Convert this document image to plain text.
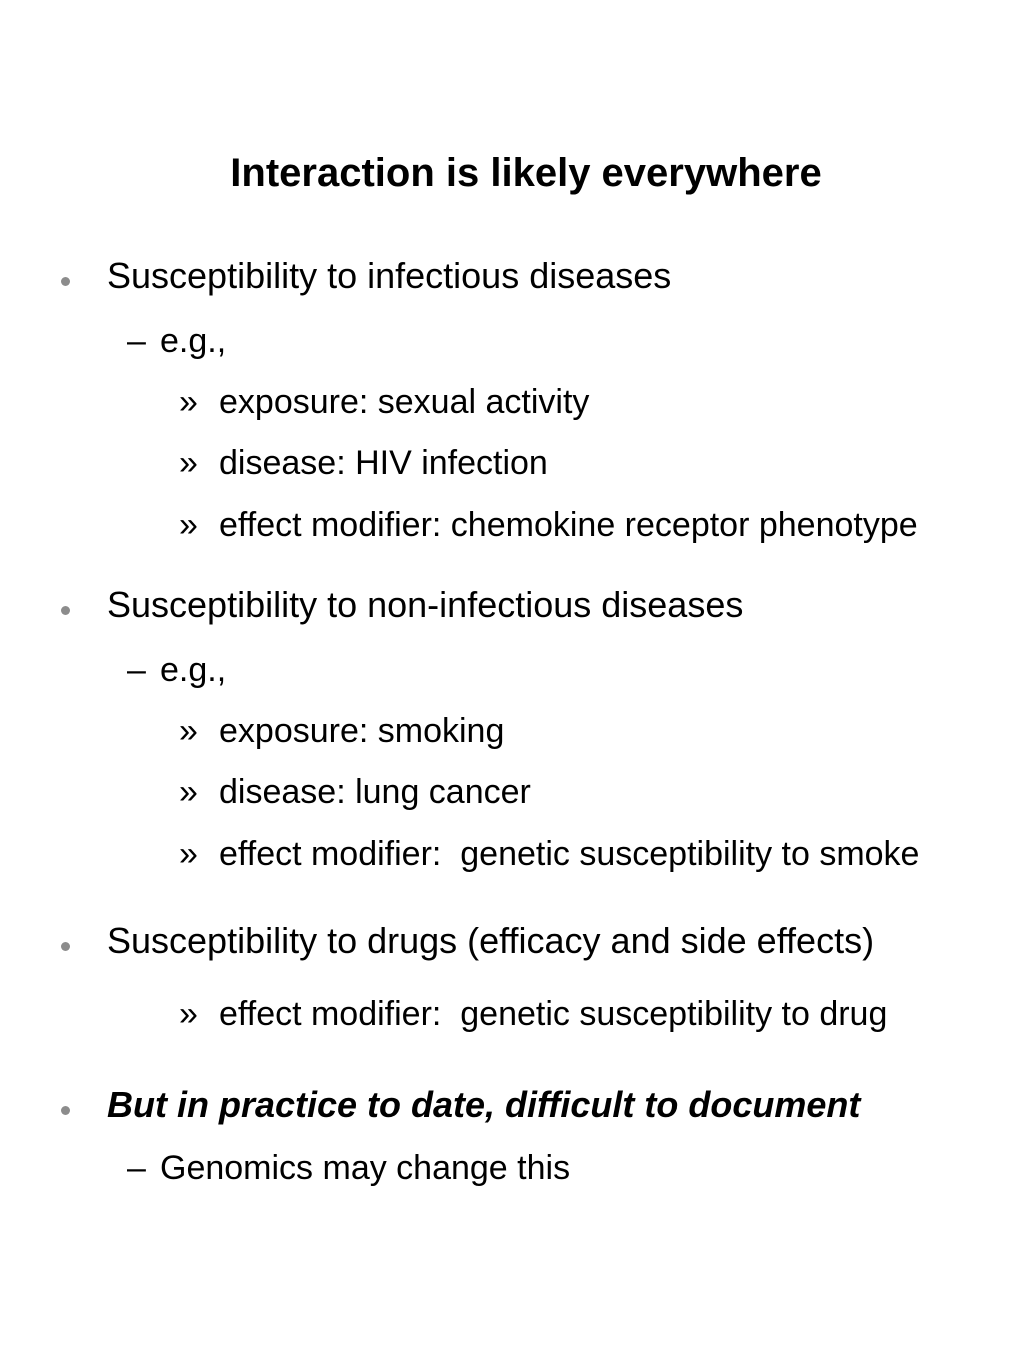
Interaction is likely everywhere
Susceptibility to infectious diseases
– e.g.,
» exposure: sexual activity
» disease: HIV infection
» effect modifier: chemokine receptor phenotype
Susceptibility to non-infectious diseases
– e.g.,
» exposure: smoking
» disease: lung cancer
» effect modifier:  genetic susceptibility to smoke
Susceptibility to drugs (efficacy and side effects)
» effect modifier:  genetic susceptibility to drug
But in practice to date, difficult to document
– Genomics may change this
